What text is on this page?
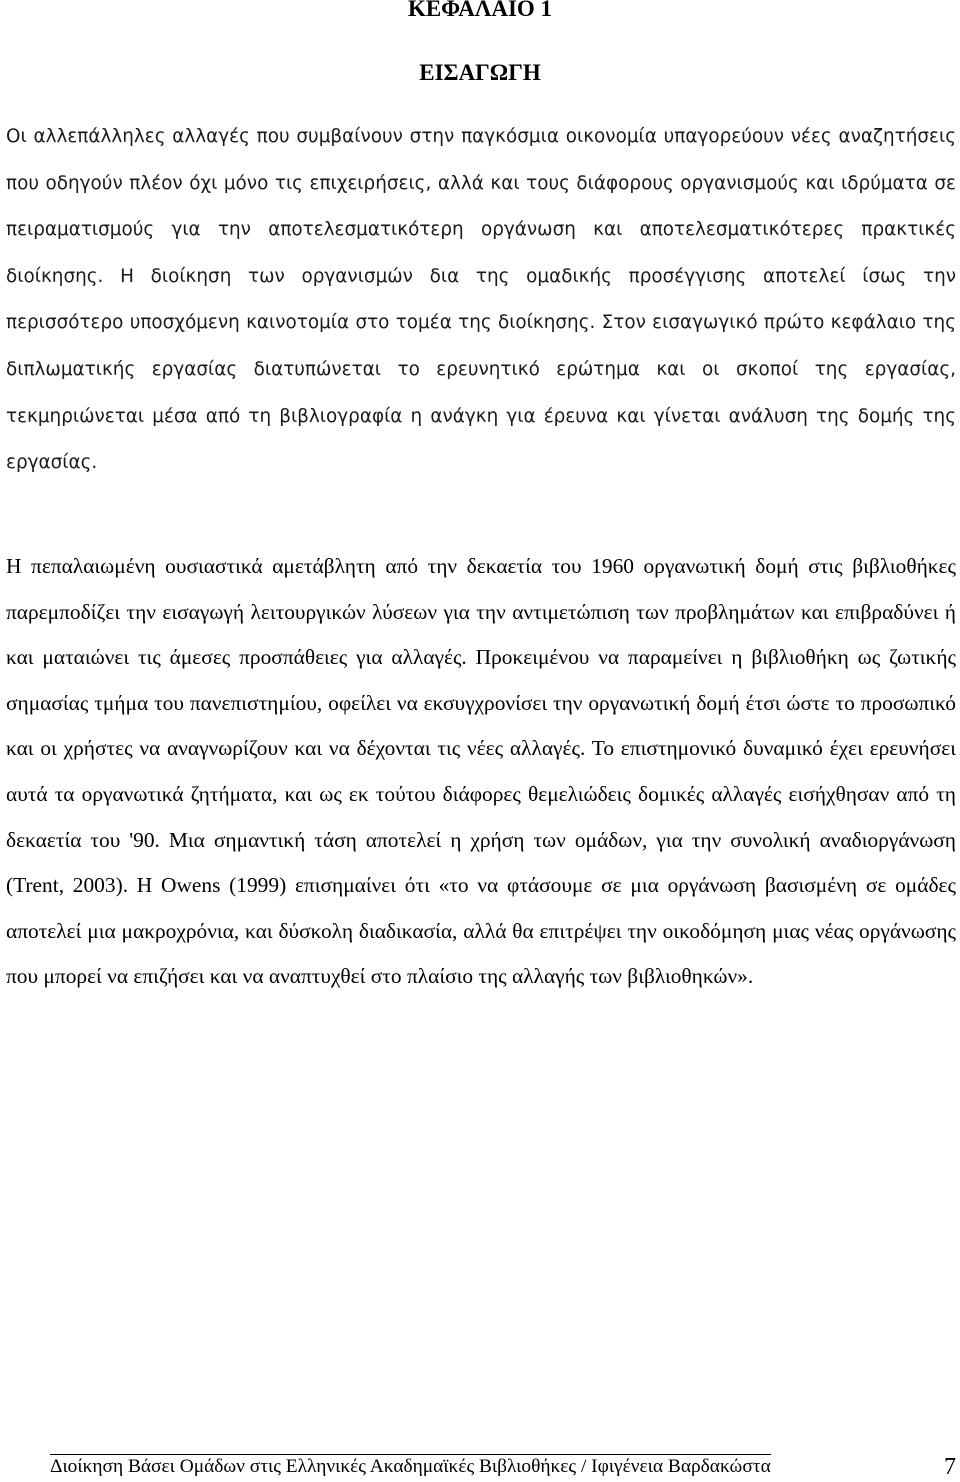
ΚΕΦΑΛΑΙΟ 1
ΕΙΣΑΓΩΓΗ

Οι αλλεπάλληλες αλλαγές που συμβαίνουν στην παγκόσμια οικονομία υπαγορεύουν νέες αναζητήσεις που οδηγούν πλέον όχι μόνο τις επιχειρήσεις, αλλά και τους διάφορους οργανισμούς και ιδρύματα σε πειραματισμούς για την αποτελεσματικότερη οργάνωση και αποτελεσματικότερες πρακτικές διοίκησης. Η διοίκηση των οργανισμών δια της ομαδικής προσέγγισης αποτελεί ίσως την περισσότερο υποσχόμενη καινοτομία στο τομέα της διοίκησης. Στον εισαγωγικό πρώτο κεφάλαιο της διπλωματικής εργασίας διατυπώνεται το ερευνητικό ερώτημα και οι σκοποί της εργασίας, τεκμηριώνεται μέσα από τη βιβλιογραφία η ανάγκη για έρευνα και γίνεται ανάλυση της δομής της εργασίας.

Η πεπαλαιωμένη ουσιαστικά αμετάβλητη από την δεκαετία του 1960 οργανωτική δομή στις βιβλιοθήκες παρεμποδίζει την εισαγωγή λειτουργικών λύσεων για την αντιμετώπιση των προβλημάτων και επιβραδύνει ή και ματαιώνει τις άμεσες προσπάθειες για αλλαγές. Προκειμένου να παραμείνει η βιβλιοθήκη ως ζωτικής σημασίας τμήμα του πανεπιστημίου, οφείλει να εκσυγχρονίσει την οργανωτική δομή έτσι ώστε το προσωπικό και οι χρήστες να αναγνωρίζουν και να δέχονται τις νέες αλλαγές. Το επιστημονικό δυναμικό έχει ερευνήσει αυτά τα οργανωτικά ζητήματα, και ως εκ τούτου διάφορες θεμελιώδεις δομικές αλλαγές εισήχθησαν από τη δεκαετία του '90. Μια σημαντική τάση αποτελεί η χρήση των ομάδων, για την συνολική αναδιοργάνωση (Trent, 2003). Η Owens (1999) επισημαίνει ότι «το να φτάσουμε σε μια οργάνωση βασισμένη σε ομάδες αποτελεί μια μακροχρόνια, και δύσκολη διαδικασία, αλλά θα επιτρέψει την οικοδόμηση μιας νέας οργάνωσης που μπορεί να επιζήσει και να αναπτυχθεί στο πλαίσιο της αλλαγής των βιβλιοθηκών».

Διοίκηση Βάσει Ομάδων στις Ελληνικές Ακαδημαϊκές Βιβλιοθήκες / Ιφιγένεια Βαρδακώστα	7
